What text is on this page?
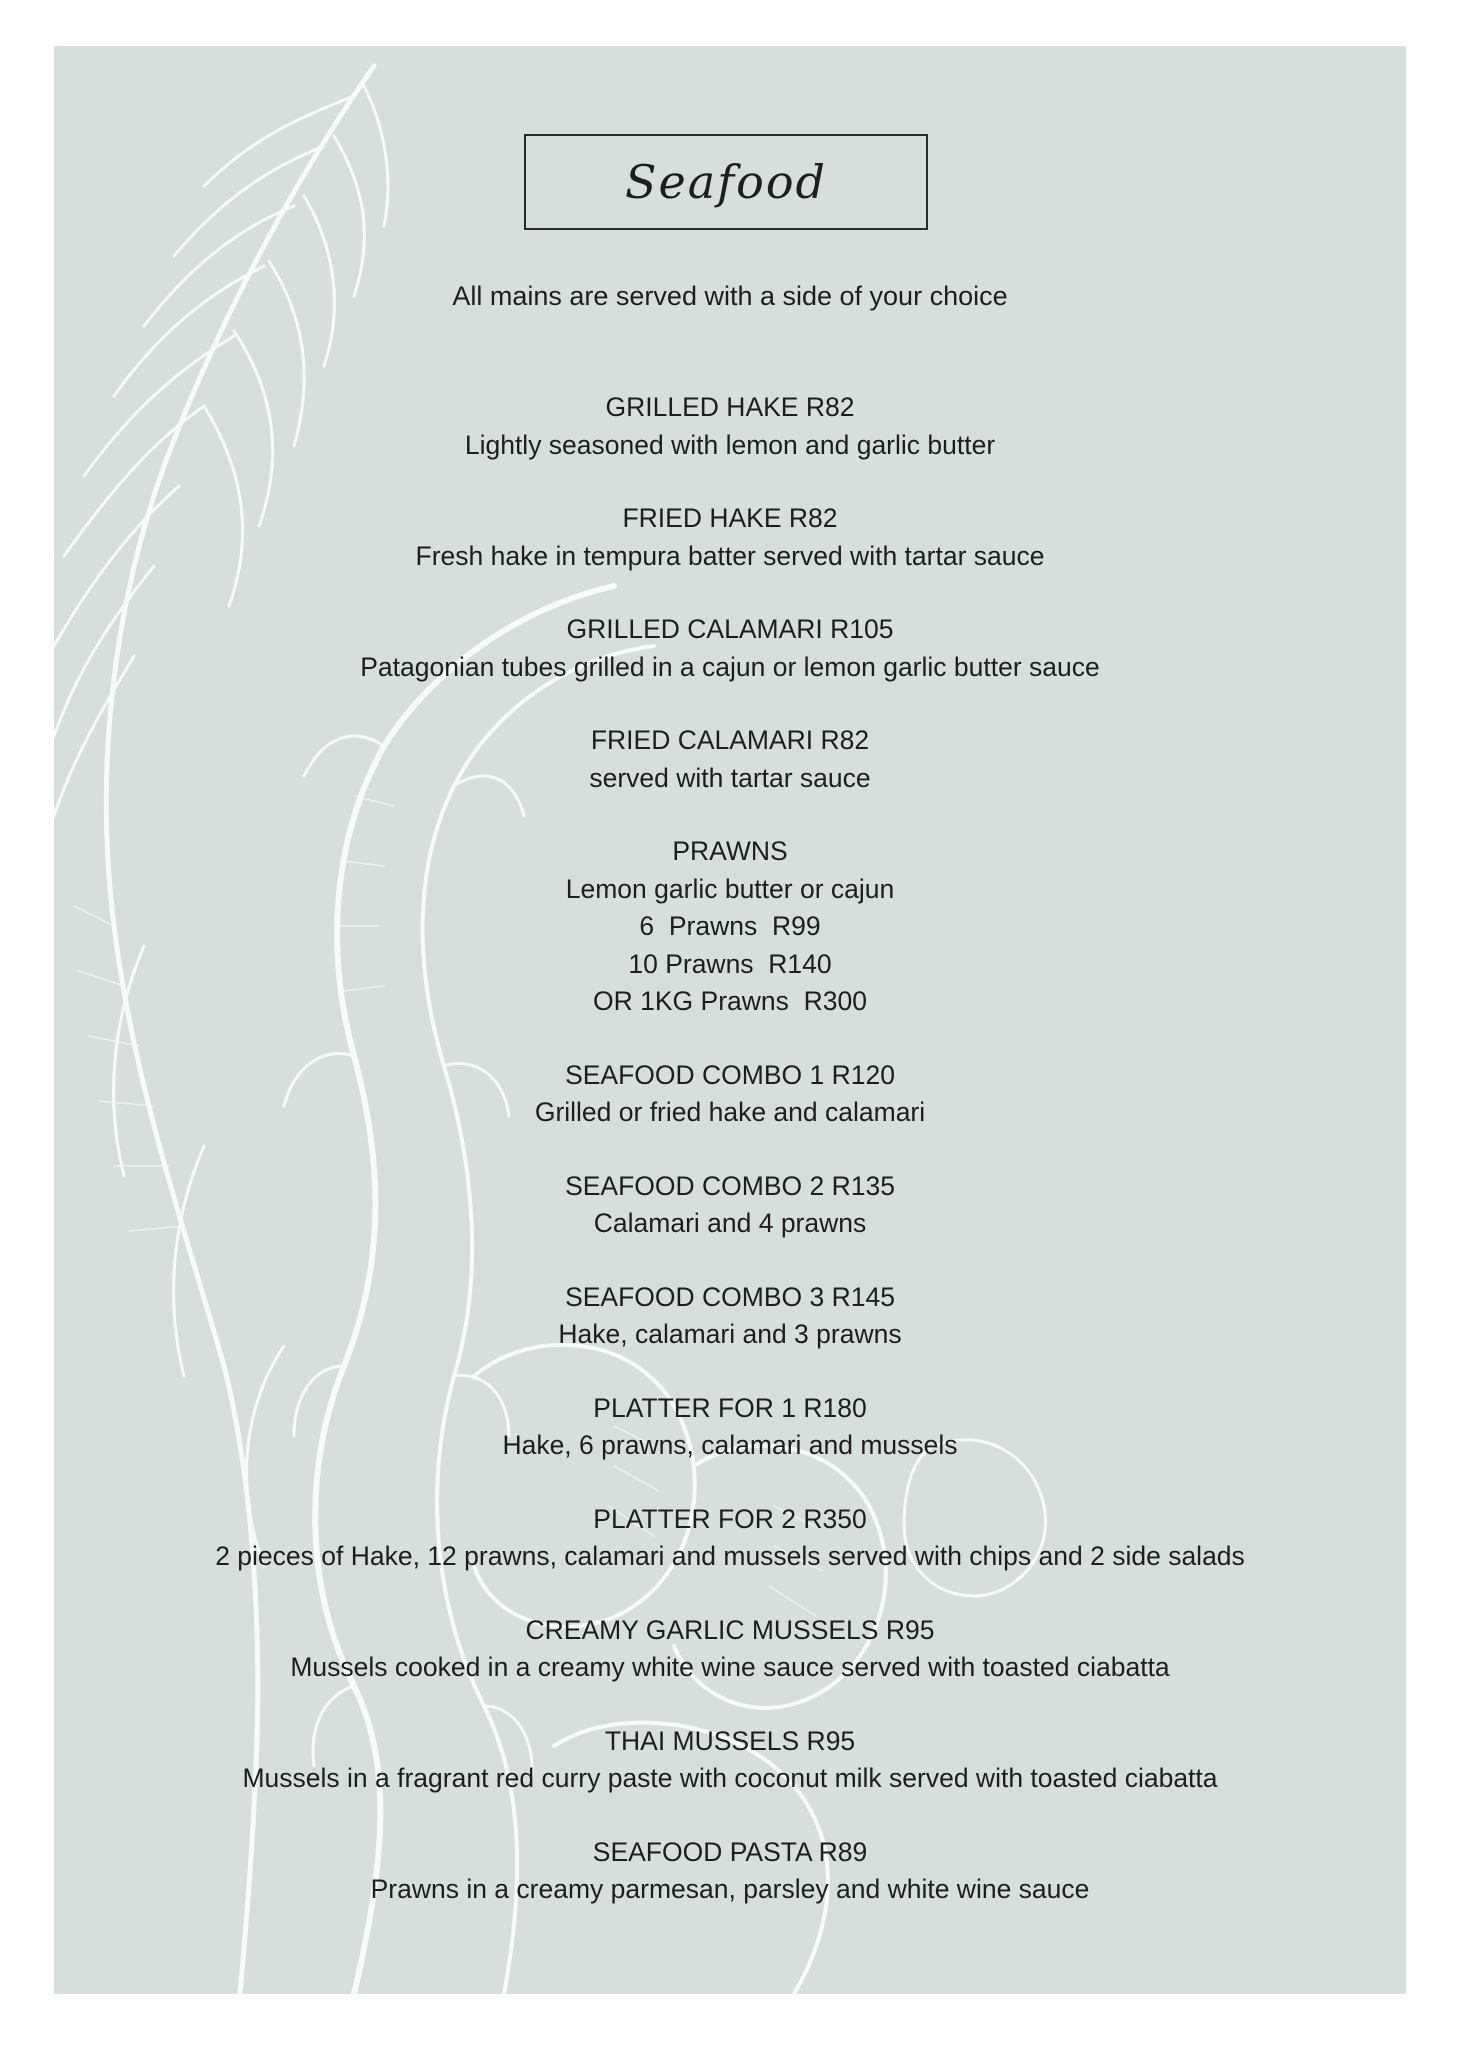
Seafood
All mains are served with a side of your choice
GRILLED HAKE R82
Lightly seasoned with lemon and garlic butter
FRIED HAKE R82
Fresh hake in tempura batter served with tartar sauce
GRILLED CALAMARI R105
Patagonian tubes grilled in a cajun or lemon garlic butter sauce
FRIED CALAMARI R82
served with tartar sauce
PRAWNS
Lemon garlic butter or cajun
6  Prawns  R99
10 Prawns  R140
OR 1KG Prawns  R300
SEAFOOD COMBO 1 R120
Grilled or fried hake and calamari
SEAFOOD COMBO 2 R135
Calamari and 4 prawns
SEAFOOD COMBO 3 R145
Hake, calamari and 3 prawns
PLATTER FOR 1 R180
Hake, 6 prawns, calamari and mussels
PLATTER FOR 2 R350
2 pieces of Hake, 12 prawns, calamari and mussels served with chips and 2 side salads
CREAMY GARLIC MUSSELS R95
Mussels cooked in a creamy white wine sauce served with toasted ciabatta
THAI MUSSELS R95
Mussels in a fragrant red curry paste with coconut milk served with toasted ciabatta
SEAFOOD PASTA R89
Prawns in a creamy parmesan, parsley and white wine sauce
